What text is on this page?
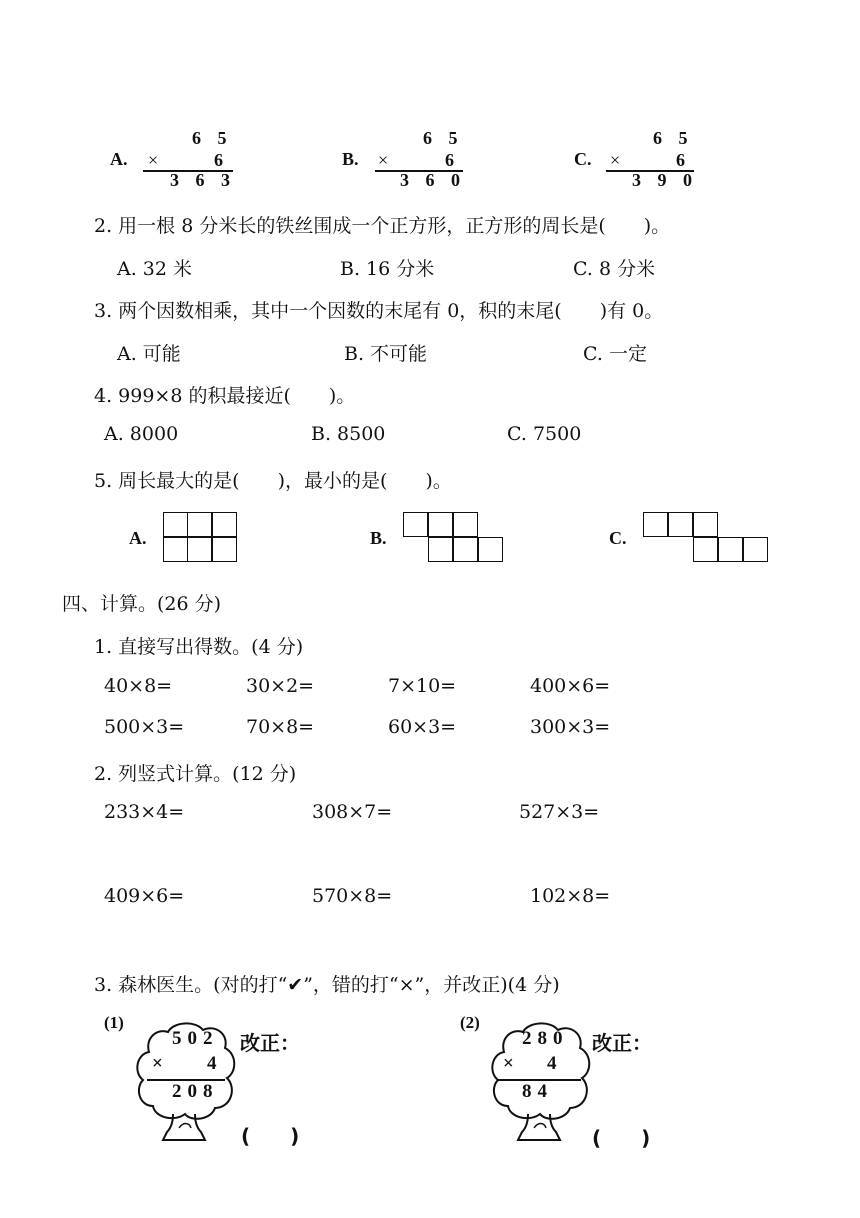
A.
6 5
×	6
3 6 3
B.
6 5
×	6
3 6 0
C.
6 5
×	6
3 9 0
2. 用一根 8 分米长的铁丝围成一个正方形，正方形的周长是(　　)。
A. 32 米	B. 16 分米	C. 8 分米
3. 两个因数相乘，其中一个因数的末尾有 0，积的末尾(　　)有 0。
A. 可能	B. 不可能	C. 一定
4. 999×8 的积最接近(　　)。
A. 8000	B. 8500	C. 7500
5. 周长最大的是(　　)，最小的是(　　)。
A.	B.	C.
四、计算。(26 分)
1. 直接写出得数。(4 分)
40×8=	30×2=	7×10=	400×6=
500×3=	70×8=	60×3=	300×3=
2. 列竖式计算。(12 分)
233×4=	308×7=	527×3=
409×6=	570×8=	102×8=
3. 森林医生。(对的打“✔”，错的打“×”，并改正)(4 分)
(1)
502
× 4
208
改正：
(　　)
(2)
280
× 4
84
改正：
(　　)
